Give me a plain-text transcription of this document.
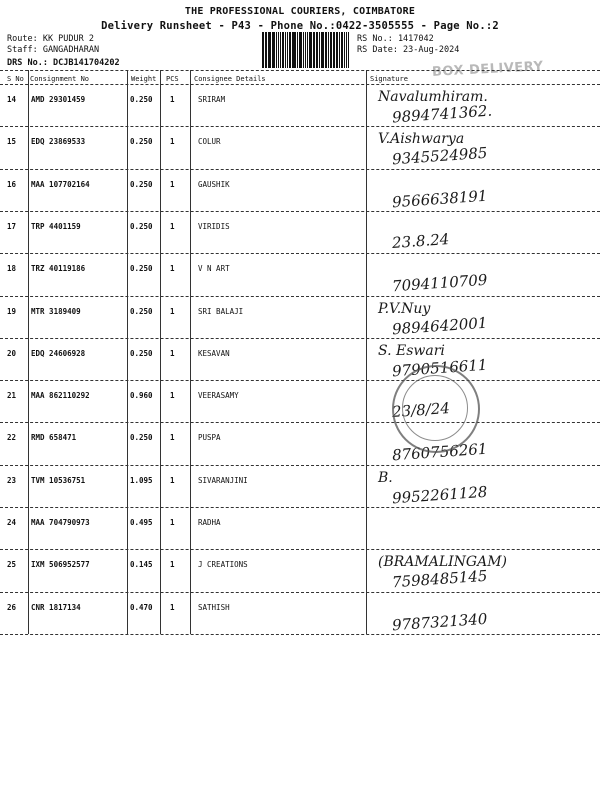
THE PROFESSIONAL COURIERS, COIMBATORE
Delivery Runsheet - P43 - Phone No.:0422-3505555 - Page No.:2
Route: KK PUDUR 2
Staff: GANGADHARAN
DRS No.: DCJB141704202
RS No.: 1417042
RS Date: 23-Aug-2024
BOX DELIVERY
S No Consignment No	Weight PCS Consignee Details	Signature
14 AMD 29301459	0.250 1	SRIRAM	Navalumhiram.
9894741362.
15 EDQ 23869533	0.250 1	COLUR	V.Aishwarya
9345524985
16 MAA 107702164	0.250 1	GAUSHIK
9566638191
17 TRP 4401159	0.250 1	VIRIDIS
23.8.24
18 TRZ 40119186	0.250 1	V N ART
7094110709
19 MTR 3189409	0.250 1	SRI BALAJI	P.V.Nuy
9894642001
20 EDQ 24606928	0.250 1	KESAVAN	S. Eswari
9790516611
21 MAA 862110292	0.960 1	VEERASAMY
23/8/24
22 RMD 658471	0.250 1	PUSPA
8760756261
23 TVM 10536751	1.095 1	SIVARANJINI	B.
9952261128
24 MAA 704790973	0.495 1	RADHA
25 IXM 506952577	0.145 1	J CREATIONS	(BRAMALINGAM)
7598485145
26 CNR 1817134	0.470 1	SATHISH
9787321340
